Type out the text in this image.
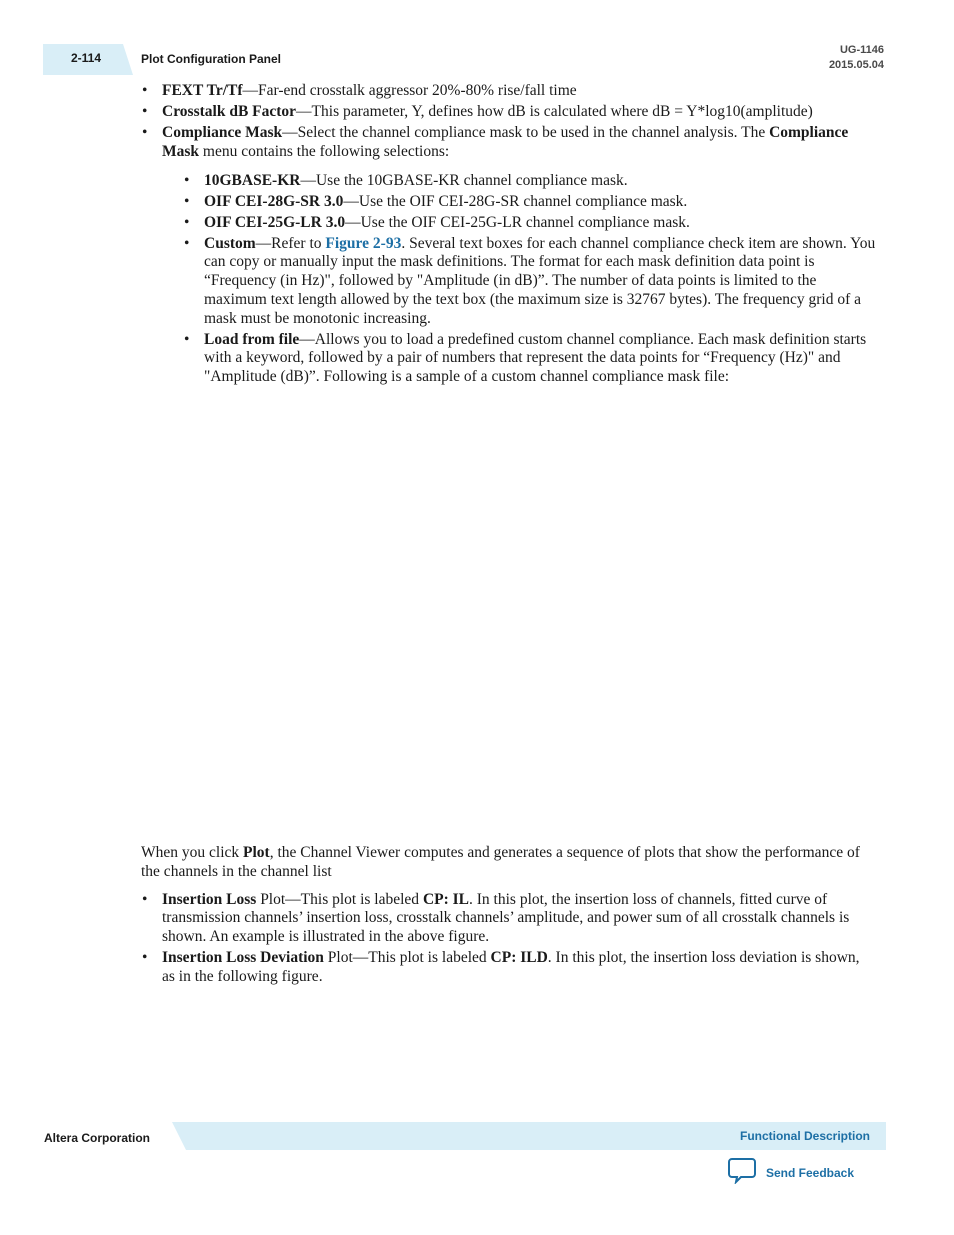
2-114	Plot Configuration Panel
UG-1146
2015.05.04
• FEXT Tr/Tf—Far-end crosstalk aggressor 20%-80% rise/fall time
• Crosstalk dB Factor—This parameter, Y, defines how dB is calculated where dB = Y*log10(amplitude)
• Compliance Mask—Select the channel compliance mask to be used in the channel analysis. The Compliance Mask menu contains the following selections:
• 10GBASE-KR—Use the 10GBASE-KR channel compliance mask.
• OIF CEI-28G-SR 3.0—Use the OIF CEI-28G-SR channel compliance mask.
• OIF CEI-25G-LR 3.0—Use the OIF CEI-25G-LR channel compliance mask.
• Custom—Refer to Figure 2-93. Several text boxes for each channel compliance check item are shown. You can copy or manually input the mask definitions. The format for each mask definition data point is “Frequency (in Hz)", followed by "Amplitude (in dB)”. The number of data points is limited to the maximum text length allowed by the text box (the maximum size is 32767 bytes). The frequency grid of a mask must be monotonic increasing.
• Load from file—Allows you to load a predefined custom channel compliance. Each mask definition starts with a keyword, followed by a pair of numbers that represent the data points for “Frequency (Hz)" and "Amplitude (dB)”. Following is a sample of a custom channel compliance mask file:

When you click Plot, the Channel Viewer computes and generates a sequence of plots that show the performance of the channels in the channel list

• Insertion Loss Plot—This plot is labeled CP: IL. In this plot, the insertion loss of channels, fitted curve of transmission channels’ insertion loss, crosstalk channels’ amplitude, and power sum of all crosstalk channels is shown. An example is illustrated in the above figure.
• Insertion Loss Deviation Plot—This plot is labeled CP: ILD. In this plot, the insertion loss deviation is shown, as in the following figure.
Altera Corporation	Functional Description
Send Feedback
